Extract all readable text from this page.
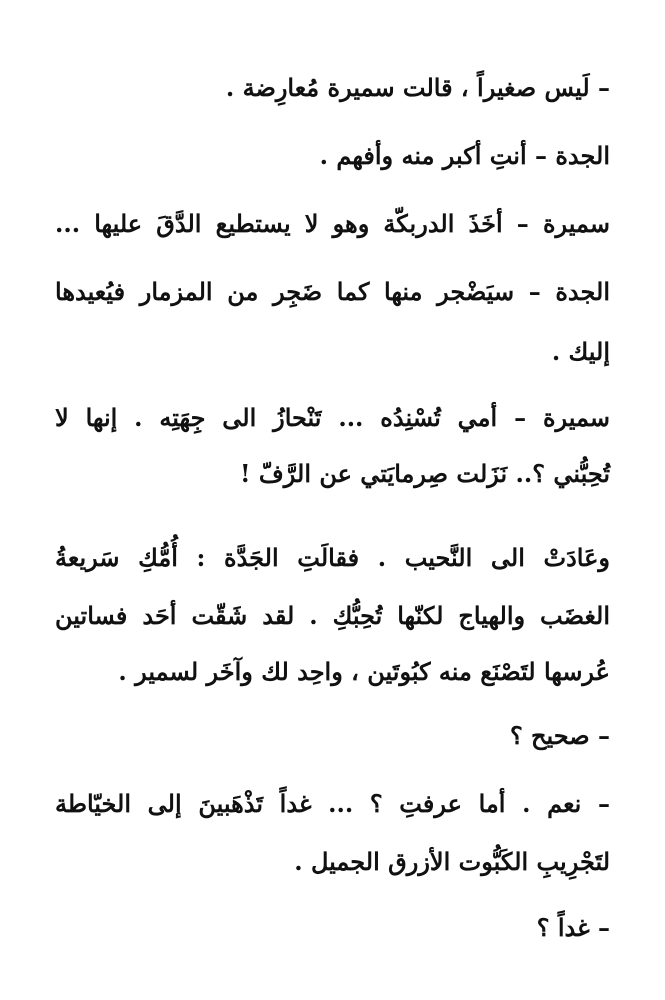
– لَيس صغيراً ، قالت سميرة مُعارِضة .
الجدة – أنتِ أكبر منه وأفهم .
سميرة – أخَذَ الدربكّة وهو لا يستطيع الدَّقَ عليها ...
الجدة – سيَضْجر منها كما ضَجِر من المزمار فيُعيدها
إليك .
سميرة – أمي تُسْنِدُه ... تَنْحازُ الى جِهَتِه . إنها لا
تُحِبُّني ؟.. نَزَلت صِرمايَتي عن الرَّفّ !
وعَادَتْ الى النَّحيب . فقالَتِ الجَدَّة : أُمُّكِ سَريعةُ
الغضَب والهياج لكنّها تُحِبُّكِ . لقد شَقّت أحَد فساتين
عُرسها لتَصْنَع منه كبُوتَين ، واحِد لك وآخَر لسمير .
– صحيح ؟
– نعم . أما عرفتِ ؟ ... غداً تَذْهَبينَ إلى الخيّاطة
لتَجْرِيبِ الكَبُّوت الأزرق الجميل .
– غداً ؟
